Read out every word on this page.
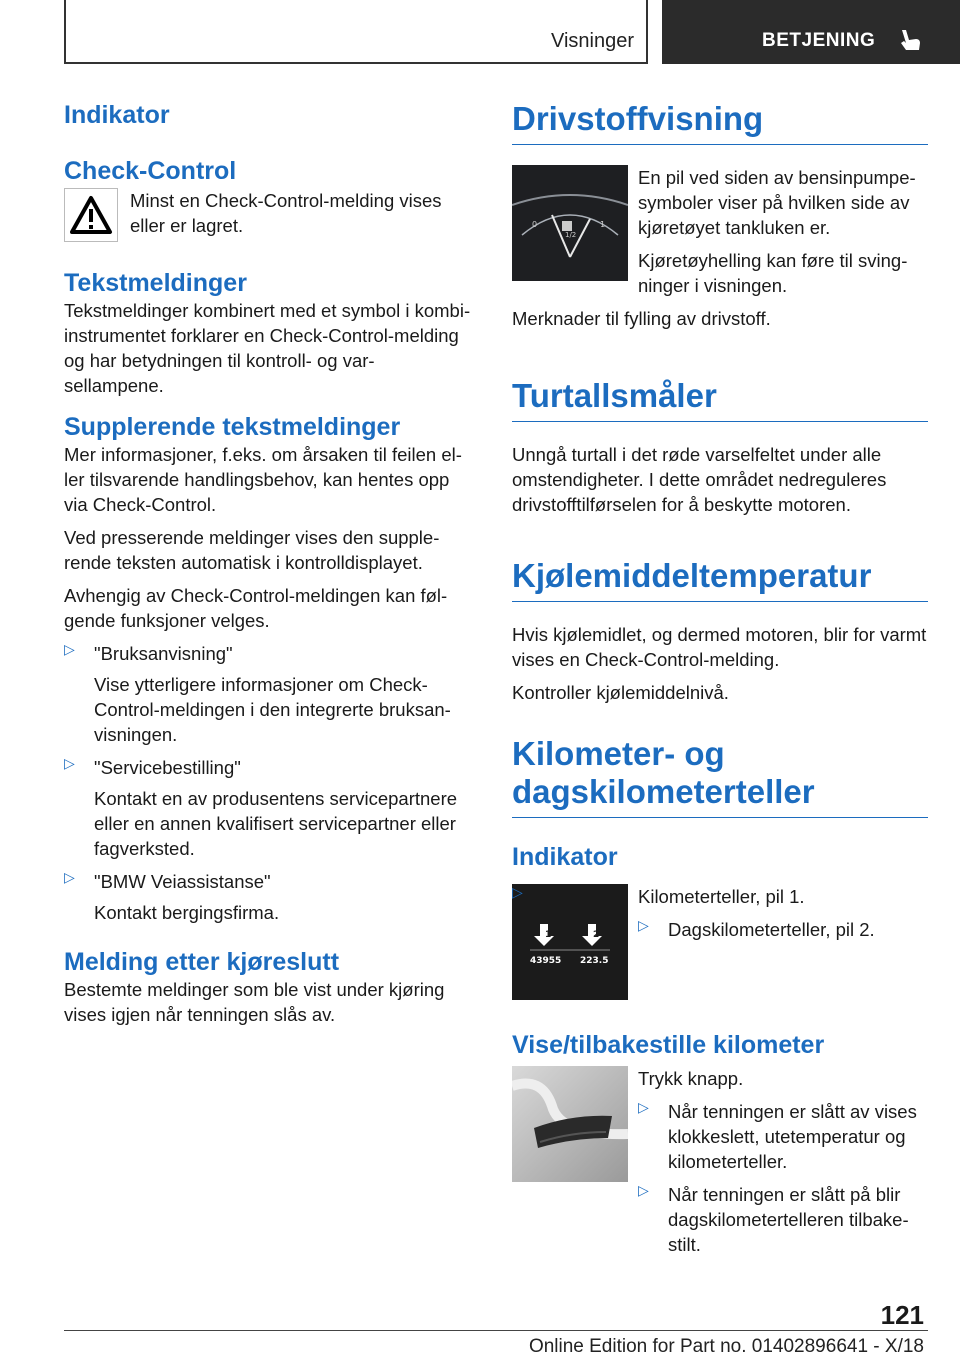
Visninger	BETJENING
Indikator
Check-Control

Minst en Check-Control-melding vises eller er lagret.

Tekstmeldinger

Tekstmeldinger kombinert med et symbol i kombi-instrumentet forklarer en Check-Control-melding og har betydningen til kontroll- og var-sellampene.

Supplerende tekstmeldinger

Mer informasjoner, f.eks. om årsaken til feilen el-ler tilsvarende handlingsbehov, kan hentes opp via Check-Control.

Ved presserende meldinger vises den supple-rende teksten automatisk i kontrolldisplayet.

Avhengig av Check-Control-meldingen kan føl-gende funksjoner velges.

▷ "Bruksanvisning"

Vise ytterligere informasjoner om Check-Control-meldingen i den integrerte bruksan-visningen.

▷ "Servicebestilling"

Kontakt en av produsentens servicepartnere eller en annen kvalifisert servicepartner eller fagverksted.

▷ "BMW Veiassistanse"

Kontakt bergingsfirma.

Melding etter kjøreslutt

Bestemte meldinger som ble vist under kjøring vises igjen når tenningen slås av.

Drivstoffvisning
0
1/2
1

En pil ved siden av bensinpumpe-symboler viser på hvilken side av kjøretøyet tankluken er.

Kjøretøyhelling kan føre til sving-ninger i visningen.

Merknader til fylling av drivstoff.

Turtallsmåler

Unngå turtall i det røde varselfeltet under alle omstendigheter. I dette området nedreguleres drivstofftilførselen for å beskytte motoren.

Kjølemiddeltemperatur

Hvis kjølemidlet, og dermed motoren, blir for varmt vises en Check-Control-melding.

Kontroller kjølemiddelnivå.

Kilometer- og
dagskilometerteller
Indikator
1	2
43955 223.5
▷	Kilometerteller, pil 1.

▷ Dagskilometerteller, pil 2.

Vise/tilbakestille kilometer

Trykk knapp.

▷ Når tenningen er slått av vises klokkeslett, utetemperatur og kilometerteller.

▷ Når tenningen er slått på blir dagskilometertelleren tilbake-stilt.

121
Online Edition for Part no. 01402896641 - X/18
